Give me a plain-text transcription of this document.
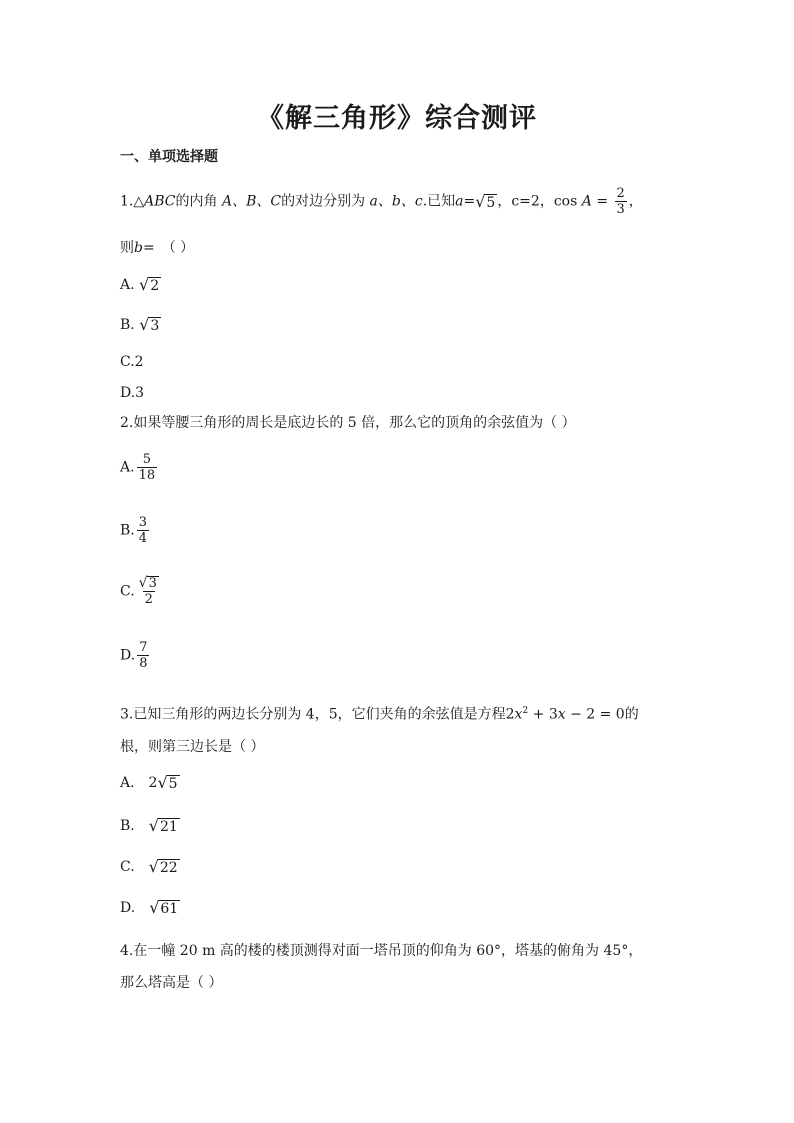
《解三角形》综合测评
一、单项选择题
1.△ABC的内角 A、B、C的对边分别为 a、b、c.已知a= √ 5 ，c=2，$\cos A = \frac{2}{3}$ ，
则b=　（ ）
A. √ 2
B. √ 3
C.2
D.3
2.如果等腰三角形的周长是底边长的 5 倍，那么它的顶角的余弦值为（ ）
A. $\frac{5}{18}$
B. $\frac{3}{4}$
C. $\frac{√ 3}{2}$
D. $\frac{7}{8}$
3.已知三角形的两边长分别为 4，5，它们夹角的余弦值是方程$2x^2 + 3x - 2 = 0$的
根，则第三边长是（ ）
A.　2 √ 5
B.　 √ 21
C.　 √ 22
D.　 √ 61
4.在一幢 20 m 高的楼的楼顶测得对面一塔吊顶的仰角为 60°，塔基的俯角为 45°，
那么塔高是（ ）
